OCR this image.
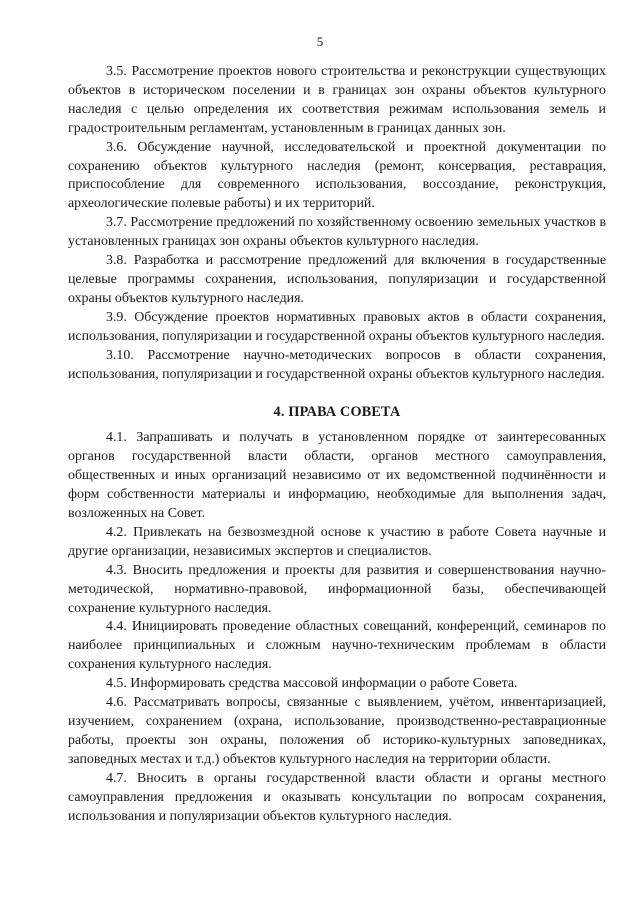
5

3.5. Рассмотрение проектов нового строительства и реконструкции существующих объектов в историческом поселении и в границах зон охраны объектов культурного наследия с целью определения их соответствия режимам использования земель и градостроительным регламентам, установленным в границах данных зон.

3.6. Обсуждение научной, исследовательской и проектной документации по сохранению объектов культурного наследия (ремонт, консервация, реставрация, приспособление для современного использования, воссоздание, реконструкция, археологические полевые работы) и их территорий.

3.7. Рассмотрение предложений по хозяйственному освоению земельных участков в установленных границах зон охраны объектов культурного наследия.

3.8. Разработка и рассмотрение предложений для включения в государственные целевые программы сохранения, использования, популяризации и государственной охраны объектов культурного наследия.

3.9. Обсуждение проектов нормативных правовых актов в области сохранения, использования, популяризации и государственной охраны объектов культурного наследия.

3.10. Рассмотрение научно-методических вопросов в области сохранения, использования, популяризации и государственной охраны объектов культурного наследия.

4. ПРАВА СОВЕТА

4.1. Запрашивать и получать в установленном порядке от заинтересованных органов государственной власти области, органов местного самоуправления, общественных и иных организаций независимо от их ведомственной подчинённости и форм собственности материалы и информацию, необходимые для выполнения задач, возложенных на Совет.

4.2. Привлекать на безвозмездной основе к участию в работе Совета научные и другие организации, независимых экспертов и специалистов.

4.3. Вносить предложения и проекты для развития и совершенствования научно-методической, нормативно-правовой, информационной базы, обеспечивающей сохранение культурного наследия.

4.4. Инициировать проведение областных совещаний, конференций, семинаров по наиболее принципиальных и сложным научно-техническим проблемам в области сохранения культурного наследия.

4.5. Информировать средства массовой информации о работе Совета.

4.6. Рассматривать вопросы, связанные с выявлением, учётом, инвентаризацией, изучением, сохранением (охрана, использование, производственно-реставрационные работы, проекты зон охраны, положения об историко-культурных заповедниках, заповедных местах и т.д.) объектов культурного наследия на территории области.

4.7. Вносить в органы государственной власти области и органы местного самоуправления предложения и оказывать консультации по вопросам сохранения, использования и популяризации объектов культурного наследия.
